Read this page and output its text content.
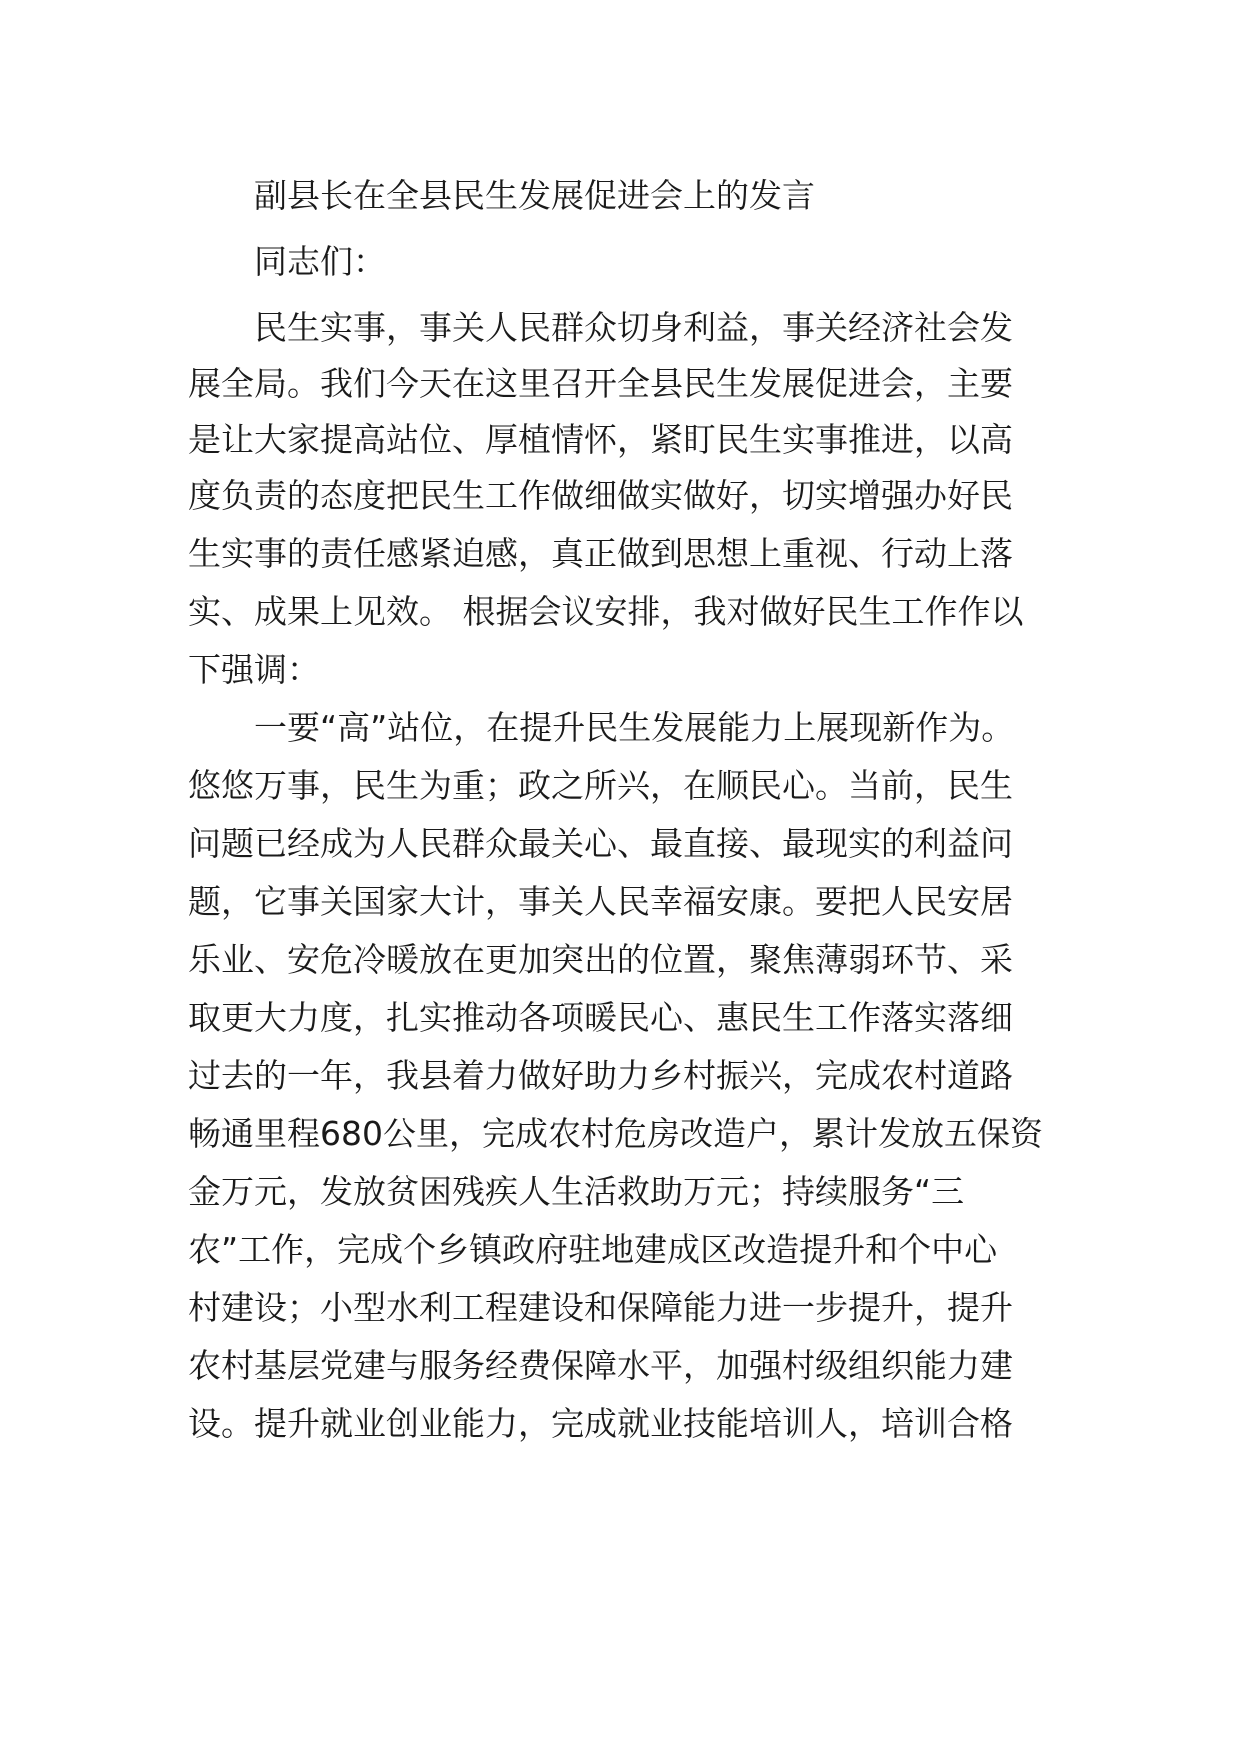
副县长在全县民生发展促进会上的发言
同志们：
民生实事，事关人民群众切身利益，事关经济社会发
展全局。我们今天在这里召开全县民生发展促进会，主要
是让大家提高站位、厚植情怀，紧盯民生实事推进，以高
度负责的态度把民生工作做细做实做好，切实增强办好民
生实事的责任感紧迫感，真正做到思想上重视、行动上落
实、成果上见效。 根据会议安排，我对做好民生工作作以
下强调：
一要“高”站位，在提升民生发展能力上展现新作为。
悠悠万事，民生为重；政之所兴，在顺民心。当前，民生
问题已经成为人民群众最关心、最直接、最现实的利益问
题，它事关国家大计，事关人民幸福安康。要把人民安居
乐业、安危冷暖放在更加突出的位置，聚焦薄弱环节、采
取更大力度，扎实推动各项暖民心、惠民生工作落实落细
过去的一年，我县着力做好助力乡村振兴，完成农村道路
畅通里程680公里，完成农村危房改造户，累计发放五保资
金万元，发放贫困残疾人生活救助万元；持续服务“三
农”工作，完成个乡镇政府驻地建成区改造提升和个中心
村建设；小型水利工程建设和保障能力进一步提升，提升
农村基层党建与服务经费保障水平，加强村级组织能力建
设。提升就业创业能力，完成就业技能培训人，培训合格
